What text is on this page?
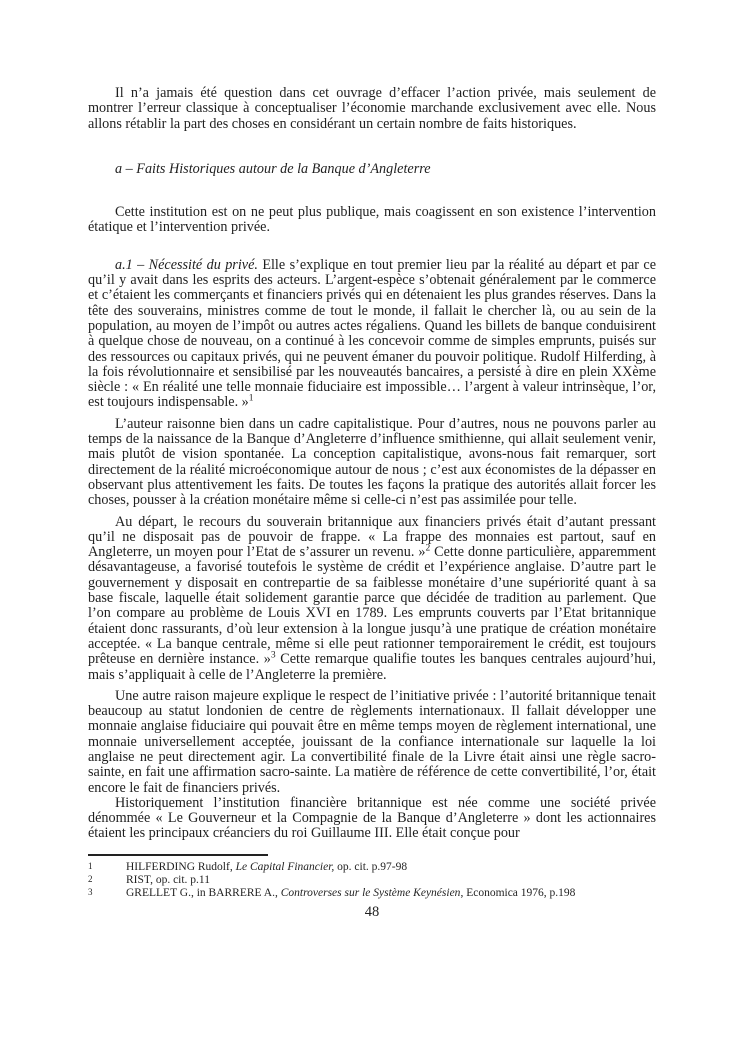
Il n’a jamais été question dans cet ouvrage d’effacer l’action privée, mais seulement de montrer l’erreur classique à conceptualiser l’économie marchande exclusivement avec elle. Nous allons rétablir la part des choses en considérant un certain nombre de faits historiques.

a – Faits Historiques autour de la Banque d’Angleterre

Cette institution est on ne peut plus publique, mais coagissent en son existence l’intervention étatique et l’intervention privée.

a.1 – Nécessité du privé. Elle s’explique en tout premier lieu par la réalité au départ et par ce qu’il y avait dans les esprits des acteurs. L’argent-espèce s’obtenait généralement par le commerce et c’étaient les commerçants et financiers privés qui en détenaient les plus grandes réserves. Dans la tête des souverains, ministres comme de tout le monde, il fallait le chercher là, ou au sein de la population, au moyen de l’impôt ou autres actes régaliens. Quand les billets de banque conduisirent à quelque chose de nouveau, on a continué à les concevoir comme de simples emprunts, puisés sur des ressources ou capitaux privés, qui ne peuvent émaner du pouvoir politique. Rudolf Hilferding, à la fois révolutionnaire et sensibilisé par les nouveautés bancaires, a persisté à dire en plein XXème siècle : « En réalité une telle monnaie fiduciaire est impossible… l’argent à valeur intrinsèque, l’or, est toujours indispensable. »$^1$

L’auteur raisonne bien dans un cadre capitalistique. Pour d’autres, nous ne pouvons parler au temps de la naissance de la Banque d’Angleterre d’influence smithienne, qui allait seulement venir, mais plutôt de vision spontanée. La conception capitalistique, avons-nous fait remarquer, sort directement de la réalité microéconomique autour de nous ; c’est aux économistes de la dépasser en observant plus attentivement les faits. De toutes les façons la pratique des autorités allait forcer les choses, pousser à la création monétaire même si celle-ci n’est pas assimilée pour telle.

Au départ, le recours du souverain britannique aux financiers privés était d’autant pressant qu’il ne disposait pas de pouvoir de frappe. « La frappe des monnaies est partout, sauf en Angleterre, un moyen pour l’Etat de s’assurer un revenu. »$^2$ Cette donne particulière, apparemment désavantageuse, a favorisé toutefois le système de crédit et l’expérience anglaise. D’autre part le gouvernement y disposait en contrepartie de sa faiblesse monétaire d’une supériorité quant à sa base fiscale, laquelle était solidement garantie parce que décidée de tradition au parlement. Que l’on compare au problème de Louis XVI en 1789. Les emprunts couverts par l’Etat britannique étaient donc rassurants, d’où leur extension à la longue jusqu’à une pratique de création monétaire acceptée. « La banque centrale, même si elle peut rationner temporairement le crédit, est toujours prêteuse en dernière instance. »$^3$ Cette remarque qualifie toutes les banques centrales aujourd’hui, mais s’appliquait à celle de l’Angleterre la première.

Une autre raison majeure explique le respect de l’initiative privée : l’autorité britannique tenait beaucoup au statut londonien de centre de règlements internationaux. Il fallait développer une monnaie anglaise fiduciaire qui pouvait être en même temps moyen de règlement international, une monnaie universellement acceptée, jouissant de la confiance internationale sur laquelle la loi anglaise ne peut directement agir. La convertibilité finale de la Livre était ainsi une règle sacro-sainte, en fait une affirmation sacro-sainte. La matière de référence de cette convertibilité, l’or, était encore le fait de financiers privés.

Historiquement l’institution financière britannique est née comme une société privée dénommée « Le Gouverneur et la Compagnie de la Banque d’Angleterre » dont les actionnaires étaient les principaux créanciers du roi Guillaume III. Elle était conçue pour

1	HILFERDING Rudolf, Le Capital Financier, op. cit. p.97-98
2	RIST, op. cit. p.11
3	GRELLET G., in BARRERE A., Controverses sur le Système Keynésien, Economica 1976, p.198
48
